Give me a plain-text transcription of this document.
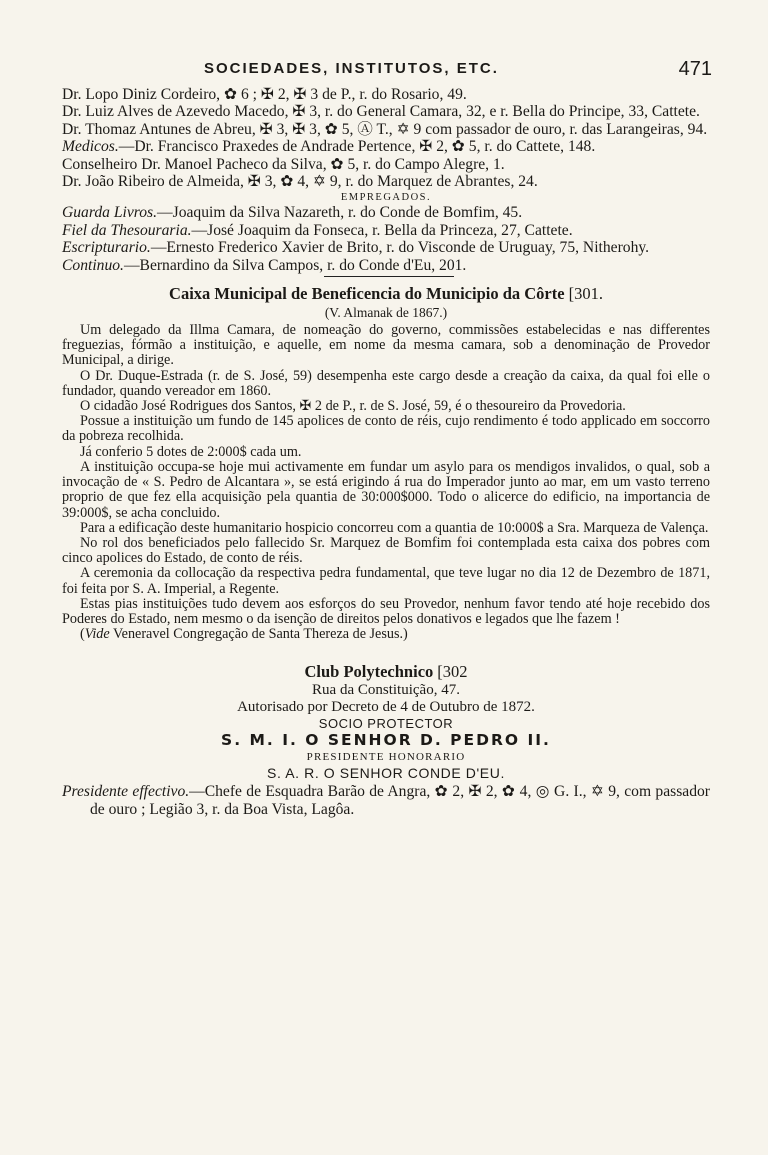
SOCIEDADES, INSTITUTOS, ETC.	471
Dr. Lopo Diniz Cordeiro, ✿ 6 ; ✠ 2, ✠ 3 de P., r. do Rosario, 49.
Dr. Luiz Alves de Azevedo Macedo, ✠ 3, r. do General Camara, 32, e r. Bella do Principe, 33, Cattete.
Dr. Thomaz Antunes de Abreu, ✠ 3, ✠ 3, ✿ 5, Ⓐ T., ✡ 9 com passador de ouro, r. das Larangeiras, 94.
Medicos.—Dr. Francisco Praxedes de Andrade Pertence, ✠ 2, ✿ 5, r. do Cattete, 148.
Conselheiro Dr. Manoel Pacheco da Silva, ✿ 5, r. do Campo Alegre, 1.
Dr. João Ribeiro de Almeida, ✠ 3, ✿ 4, ✡ 9, r. do Marquez de Abrantes, 24.
EMPREGADOS.
Guarda Livros.—Joaquim da Silva Nazareth, r. do Conde de Bomfim, 45.
Fiel da Thesouraria.—José Joaquim da Fonseca, r. Bella da Princeza, 27, Cattete.
Escripturario.—Ernesto Frederico Xavier de Brito, r. do Visconde de Uruguay, 75, Nitherohy.
Continuo.—Bernardino da Silva Campos, r. do Conde d'Eu, 201.
Caixa Municipal de Beneficencia do Municipio da Côrte [301.
(V. Almanak de 1867.)

Um delegado da Illma Camara, de nomeação do governo, commissões estabelecidas e nas differentes freguezias, fórmão a instituição, e aquelle, em nome da mesma camara, sob a denominação de Provedor Municipal, a dirige.

O Dr. Duque-Estrada (r. de S. José, 59) desempenha este cargo desde a creação da caixa, da qual foi elle o fundador, quando vereador em 1860.

O cidadão José Rodrigues dos Santos, ✠ 2 de P., r. de S. José, 59, é o thesoureiro da Provedoria.

Possue a instituição um fundo de 145 apolices de conto de réis, cujo rendimento é todo applicado em soccorro da pobreza recolhida.

Já conferio 5 dotes de 2:000$ cada um.

A instituição occupa-se hoje mui activamente em fundar um asylo para os mendigos invalidos, o qual, sob a invocação de « S. Pedro de Alcantara », se está erigindo á rua do Imperador junto ao mar, em um vasto terreno proprio de que fez ella acquisição pela quantia de 30:000$000. Todo o alicerce do edificio, na importancia de 39:000$, se acha concluido.

Para a edificação deste humanitario hospicio concorreu com a quantia de 10:000$ a Sra. Marqueza de Valença.

No rol dos beneficiados pelo fallecido Sr. Marquez de Bomfim foi contemplada esta caixa dos pobres com cinco apolices do Estado, de conto de réis.

A ceremonia da collocação da respectiva pedra fundamental, que teve lugar no dia 12 de Dezembro de 1871, foi feita por S. A. Imperial, a Regente.

Estas pias instituições tudo devem aos esforços do seu Provedor, nenhum favor tendo até hoje recebido dos Poderes do Estado, nem mesmo o da isenção de direitos pelos donativos e legados que lhe fazem !

(Vide Veneravel Congregação de Santa Thereza de Jesus.)

Club Polytechnico [302
Rua da Constituição, 47.
Autorisado por Decreto de 4 de Outubro de 1872.
SOCIO PROTECTOR
S. M. I. O SENHOR D. PEDRO II.
PRESIDENTE HONORARIO
S. A. R. O SENHOR CONDE D'EU.
Presidente effectivo.—Chefe de Esquadra Barão de Angra, ✿ 2, ✠ 2, ✿ 4, ◎ G. I., ✡ 9, com passador de ouro ; Legião 3, r. da Boa Vista, Lagôa.
